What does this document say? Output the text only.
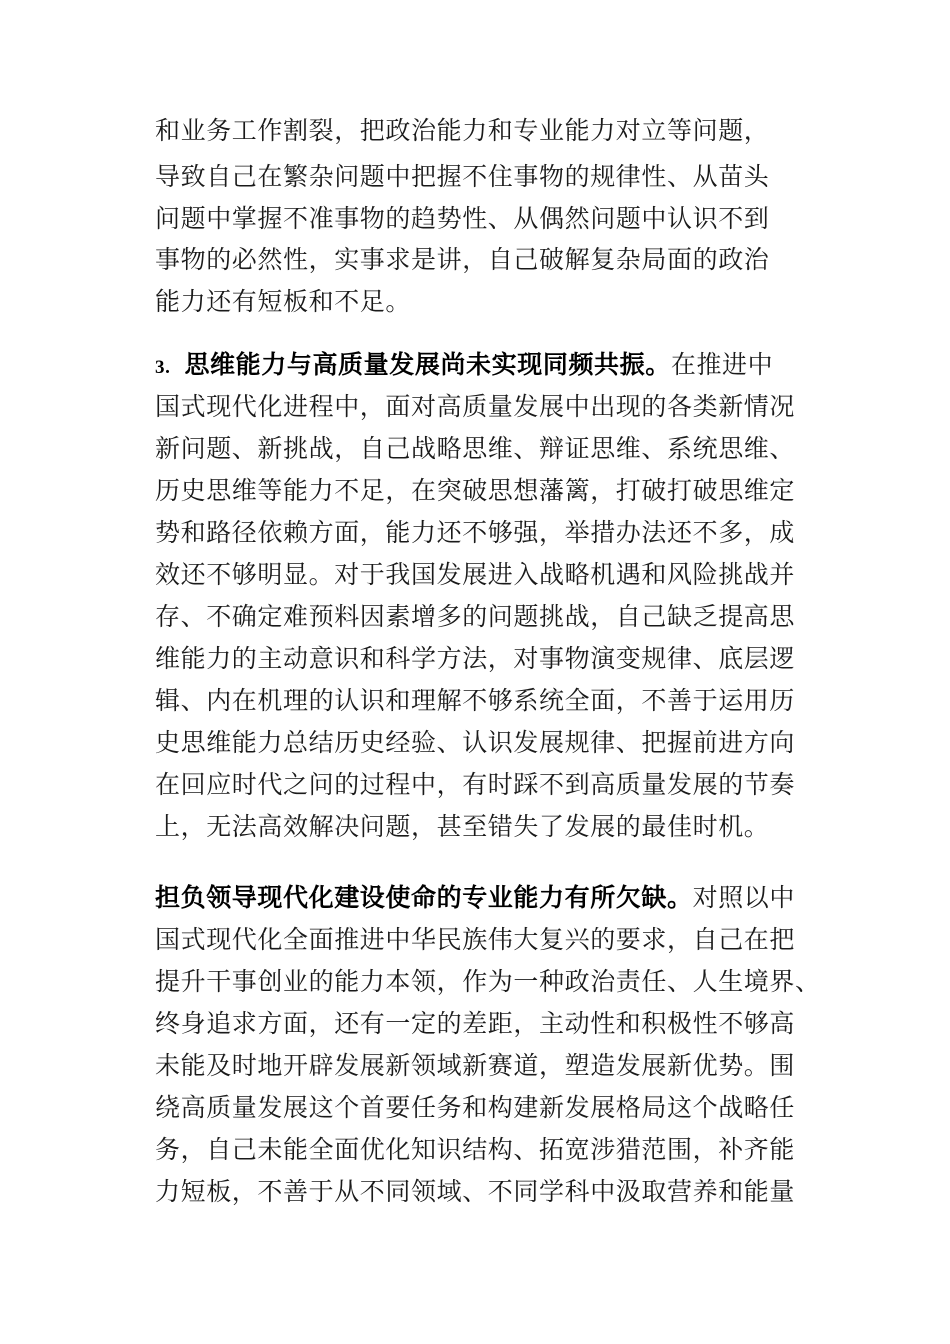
和业务工作割裂，把政治能力和专业能力对立等问题，
导致自己在繁杂问题中把握不住事物的规律性、从苗头
问题中掌握不准事物的趋势性、从偶然问题中认识不到
事物的必然性，实事求是讲，自己破解复杂局面的政治
能力还有短板和不足。
3. 思维能力与高质量发展尚未实现同频共振。在推进中
国式现代化进程中，面对高质量发展中出现的各类新情况
新问题、新挑战，自己战略思维、辩证思维、系统思维、
历史思维等能力不足，在突破思想藩篱，打破打破思维定
势和路径依赖方面，能力还不够强，举措办法还不多，成
效还不够明显。对于我国发展进入战略机遇和风险挑战并
存、不确定难预料因素增多的问题挑战，自己缺乏提高思
维能力的主动意识和科学方法，对事物演变规律、底层逻
辑、内在机理的认识和理解不够系统全面，不善于运用历
史思维能力总结历史经验、认识发展规律、把握前进方向
在回应时代之问的过程中，有时踩不到高质量发展的节奏
上，无法高效解决问题，甚至错失了发展的最佳时机。
担负领导现代化建设使命的专业能力有所欠缺。对照以中
国式现代化全面推进中华民族伟大复兴的要求，自己在把
提升干事创业的能力本领，作为一种政治责任、人生境界、
终身追求方面，还有一定的差距，主动性和积极性不够高
未能及时地开辟发展新领域新赛道，塑造发展新优势。围
绕高质量发展这个首要任务和构建新发展格局这个战略任
务，自己未能全面优化知识结构、拓宽涉猎范围，补齐能
力短板，不善于从不同领域、不同学科中汲取营养和能量
